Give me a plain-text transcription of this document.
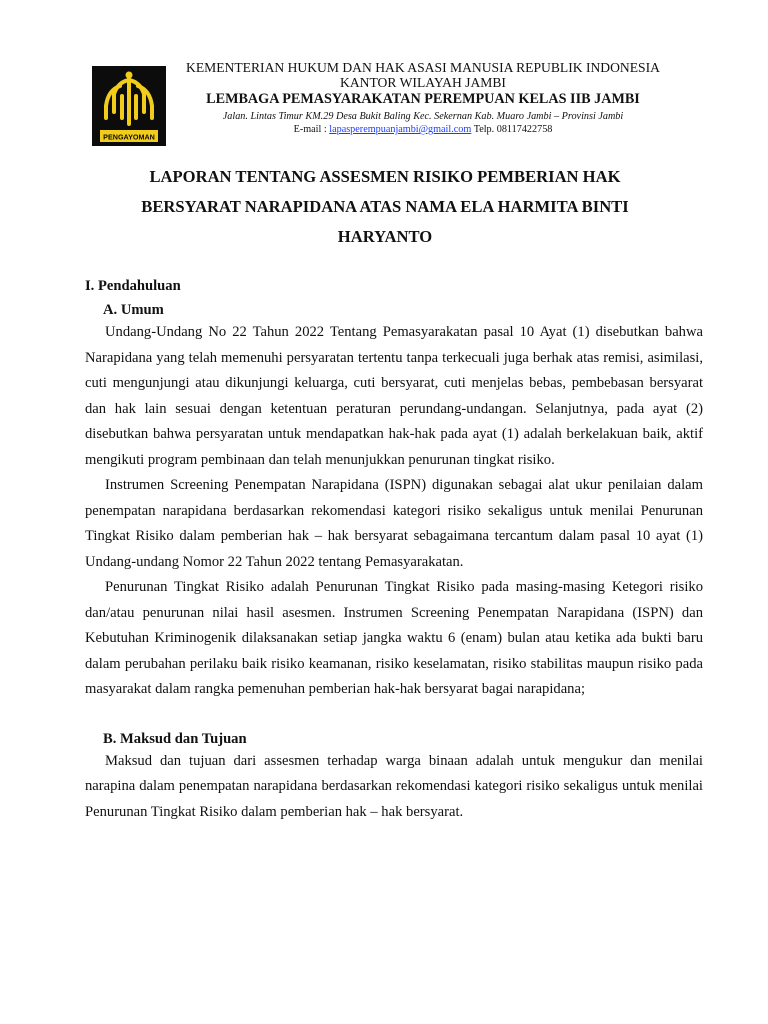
PENGAYOMAN
KEMENTERIAN HUKUM DAN HAK ASASI MANUSIA REPUBLIK INDONESIA
KANTOR WILAYAH JAMBI
LEMBAGA PEMASYARAKATAN PEREMPUAN KELAS IIB JAMBI
Jalan. Lintas Timur KM.29 Desa Bukit Baling Kec. Sekernan Kab. Muaro Jambi – Provinsi Jambi
E-mail : lapasperempuanjambi@gmail.com Telp. 08117422758
LAPORAN TENTANG ASSESMEN RISIKO PEMBERIAN HAK
BERSYARAT NARAPIDANA ATAS NAMA ELA HARMITA BINTI
HARYANTO
I. Pendahuluan
A. Umum

Undang-Undang No 22 Tahun 2022 Tentang Pemasyarakatan pasal 10 Ayat (1) disebutkan bahwa Narapidana yang telah memenuhi persyaratan tertentu tanpa terkecuali juga berhak atas remisi, asimilasi, cuti mengunjungi atau dikunjungi keluarga, cuti bersyarat, cuti menjelas bebas, pembebasan bersyarat dan hak lain sesuai dengan ketentuan peraturan perundang-undangan. Selanjutnya, pada ayat (2) disebutkan bahwa persyaratan untuk mendapatkan hak-hak pada ayat (1) adalah berkelakuan baik, aktif mengikuti program pembinaan dan telah menunjukkan penurunan tingkat risiko.

Instrumen Screening Penempatan Narapidana (ISPN) digunakan sebagai alat ukur penilaian dalam penempatan narapidana berdasarkan rekomendasi kategori risiko sekaligus untuk menilai Penurunan Tingkat Risiko dalam pemberian hak – hak bersyarat sebagaimana tercantum dalam pasal 10 ayat (1) Undang-undang Nomor 22 Tahun 2022 tentang Pemasyarakatan.

Penurunan Tingkat Risiko adalah Penurunan Tingkat Risiko pada masing-masing Ketegori risiko dan/atau penurunan nilai hasil asesmen. Instrumen Screening Penempatan Narapidana (ISPN) dan Kebutuhan Kriminogenik dilaksanakan setiap jangka waktu 6 (enam) bulan atau ketika ada bukti baru dalam perubahan perilaku baik risiko keamanan, risiko keselamatan, risiko stabilitas maupun risiko pada masyarakat dalam rangka pemenuhan pemberian hak-hak bersyarat bagai narapidana;

B. Maksud dan Tujuan

Maksud dan tujuan dari assesmen terhadap warga binaan adalah untuk mengukur dan menilai narapina dalam penempatan narapidana berdasarkan rekomendasi kategori risiko sekaligus untuk menilai Penurunan Tingkat Risiko dalam pemberian hak – hak bersyarat.
